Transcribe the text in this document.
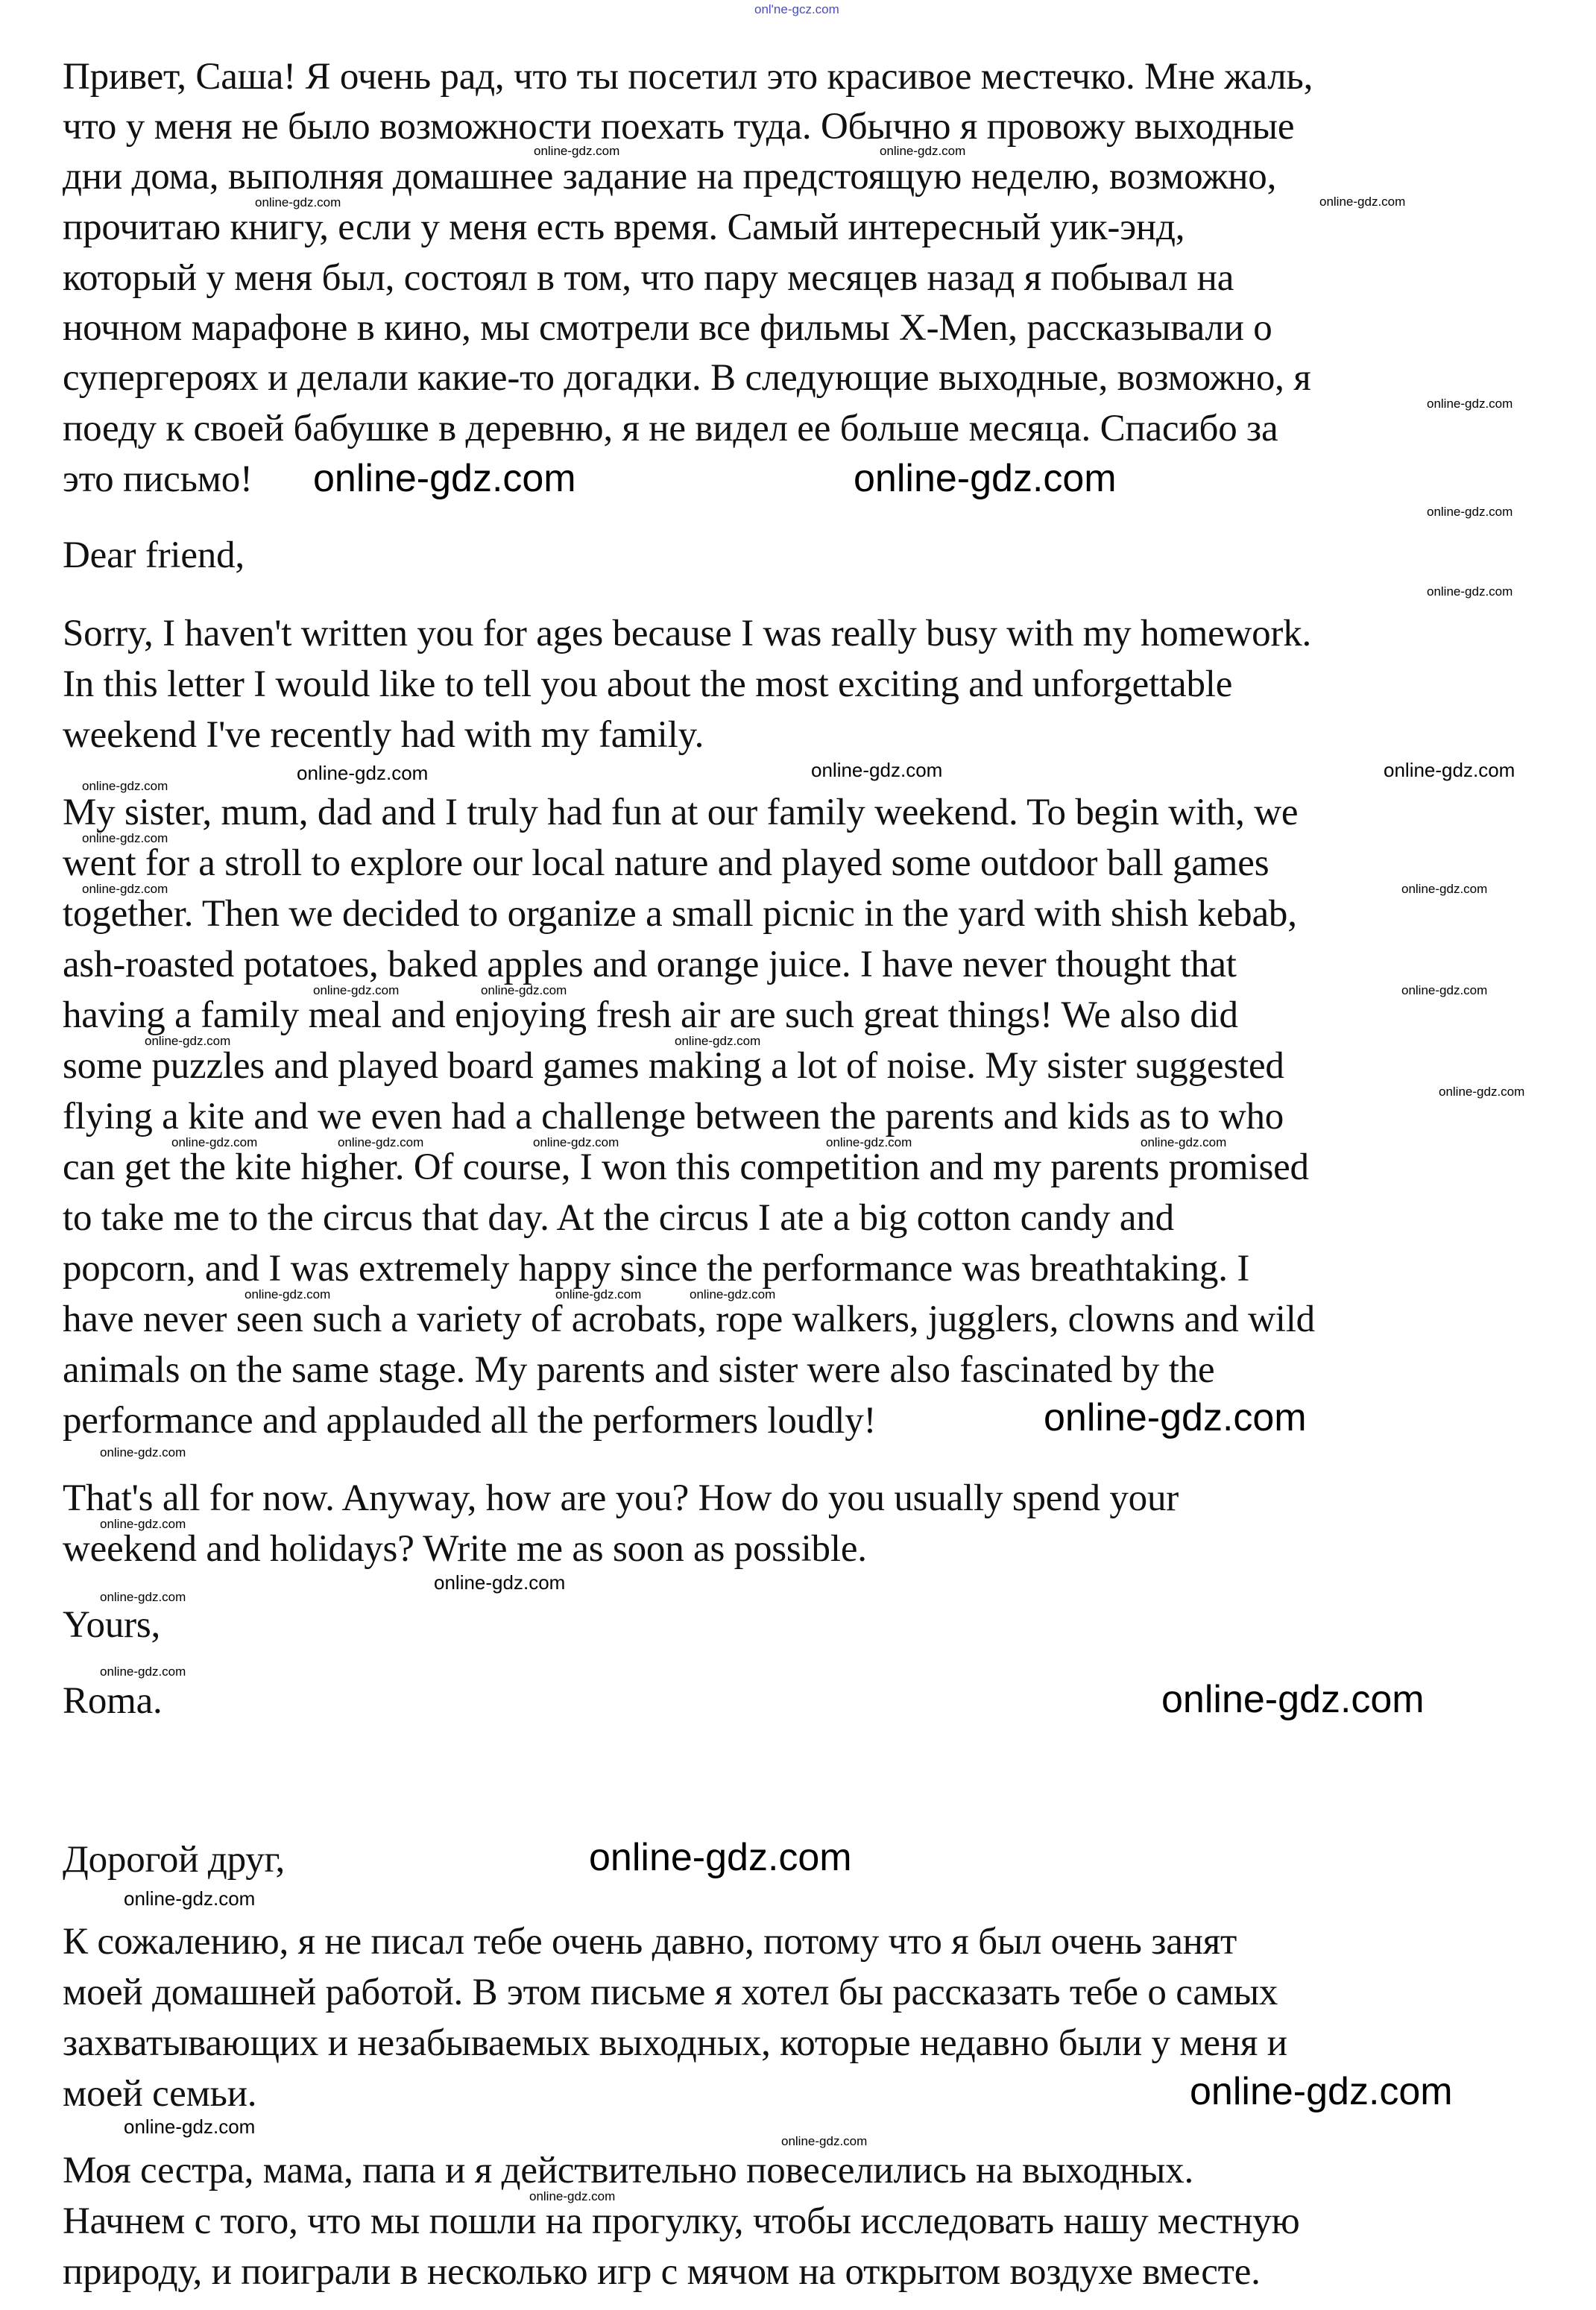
onl'ne-gcz.com
Привет, Саша! Я очень рад, что ты посетил это красивое местечко. Мне жаль,
что у меня не было возможности поехать туда. Обычно я провожу выходные
дни дома, выполняя домашнее задание на предстоящую неделю, возможно,
прочитаю книгу, если у меня есть время. Самый интересный уик-энд,
который у меня был, состоял в том, что пару месяцев назад я побывал на
ночном марафоне в кино, мы смотрели все фильмы X-Men, рассказывали о
супергероях и делали какие-то догадки. В следующие выходные, возможно, я
поеду к своей бабушке в деревню, я не видел ее больше месяца. Спасибо за
это письмо!
Dear friend,
Sorry, I haven't written you for ages because I was really busy with my homework.
In this letter I would like to tell you about the most exciting and unforgettable
weekend I've recently had with my family.
My sister, mum, dad and I truly had fun at our family weekend. To begin with, we
went for a stroll to explore our local nature and played some outdoor ball games
together. Then we decided to organize a small picnic in the yard with shish kebab,
ash-roasted potatoes, baked apples and orange juice. I have never thought that
having a family meal and enjoying fresh air are such great things! We also did
some puzzles and played board games making a lot of noise. My sister suggested
flying a kite and we even had a challenge between the parents and kids as to who
can get the kite higher. Of course, I won this competition and my parents promised
to take me to the circus that day. At the circus I ate a big cotton candy and
popcorn, and I was extremely happy since the performance was breathtaking. I
have never seen such a variety of acrobats, rope walkers, jugglers, clowns and wild
animals on the same stage. My parents and sister were also fascinated by the
performance and applauded all the performers loudly!
That's all for now. Anyway, how are you? How do you usually spend your
weekend and holidays? Write me as soon as possible.
Yours,
Roma.
Дорогой друг,
К сожалению, я не писал тебе очень давно, потому что я был очень занят
моей домашней работой. В этом письме я хотел бы рассказать тебе о самых
захватывающих и незабываемых выходных, которые недавно были у меня и
моей семьи.
Моя сестра, мама, папа и я действительно повеселились на выходных.
Начнем с того, что мы пошли на прогулку, чтобы исследовать нашу местную
природу, и поиграли в несколько игр с мячом на открытом воздухе вместе.
online-gdz.com	online-gdz.com
online-gdz.com	online-gdz.com
online-gdz.com
online-gdz.com	online-gdz.com
online-gdz.com
online-gdz.com
online-gdz.com
online-gdz.com	online-gdz.com
online-gdz.com
online-gdz.com
online-gdz.com
online-gdz.com
online-gdz.com	online-gdz.com	online-gdz.com
online-gdz.com
online-gdz.com
online-gdz.com
online-gdz.com	online-gdz.com	online-gdz.com	online-gdz.com	online-gdz.com
online-gdz.com
online-gdz.com	online-gdz.com
online-gdz.com
online-gdz.com
online-gdz.com
online-gdz.com
online-gdz.com
online-gdz.com
online-gdz.com
online-gdz.com
online-gdz.com
online-gdz.com
online-gdz.com
online-gdz.com
online-gdz.com
